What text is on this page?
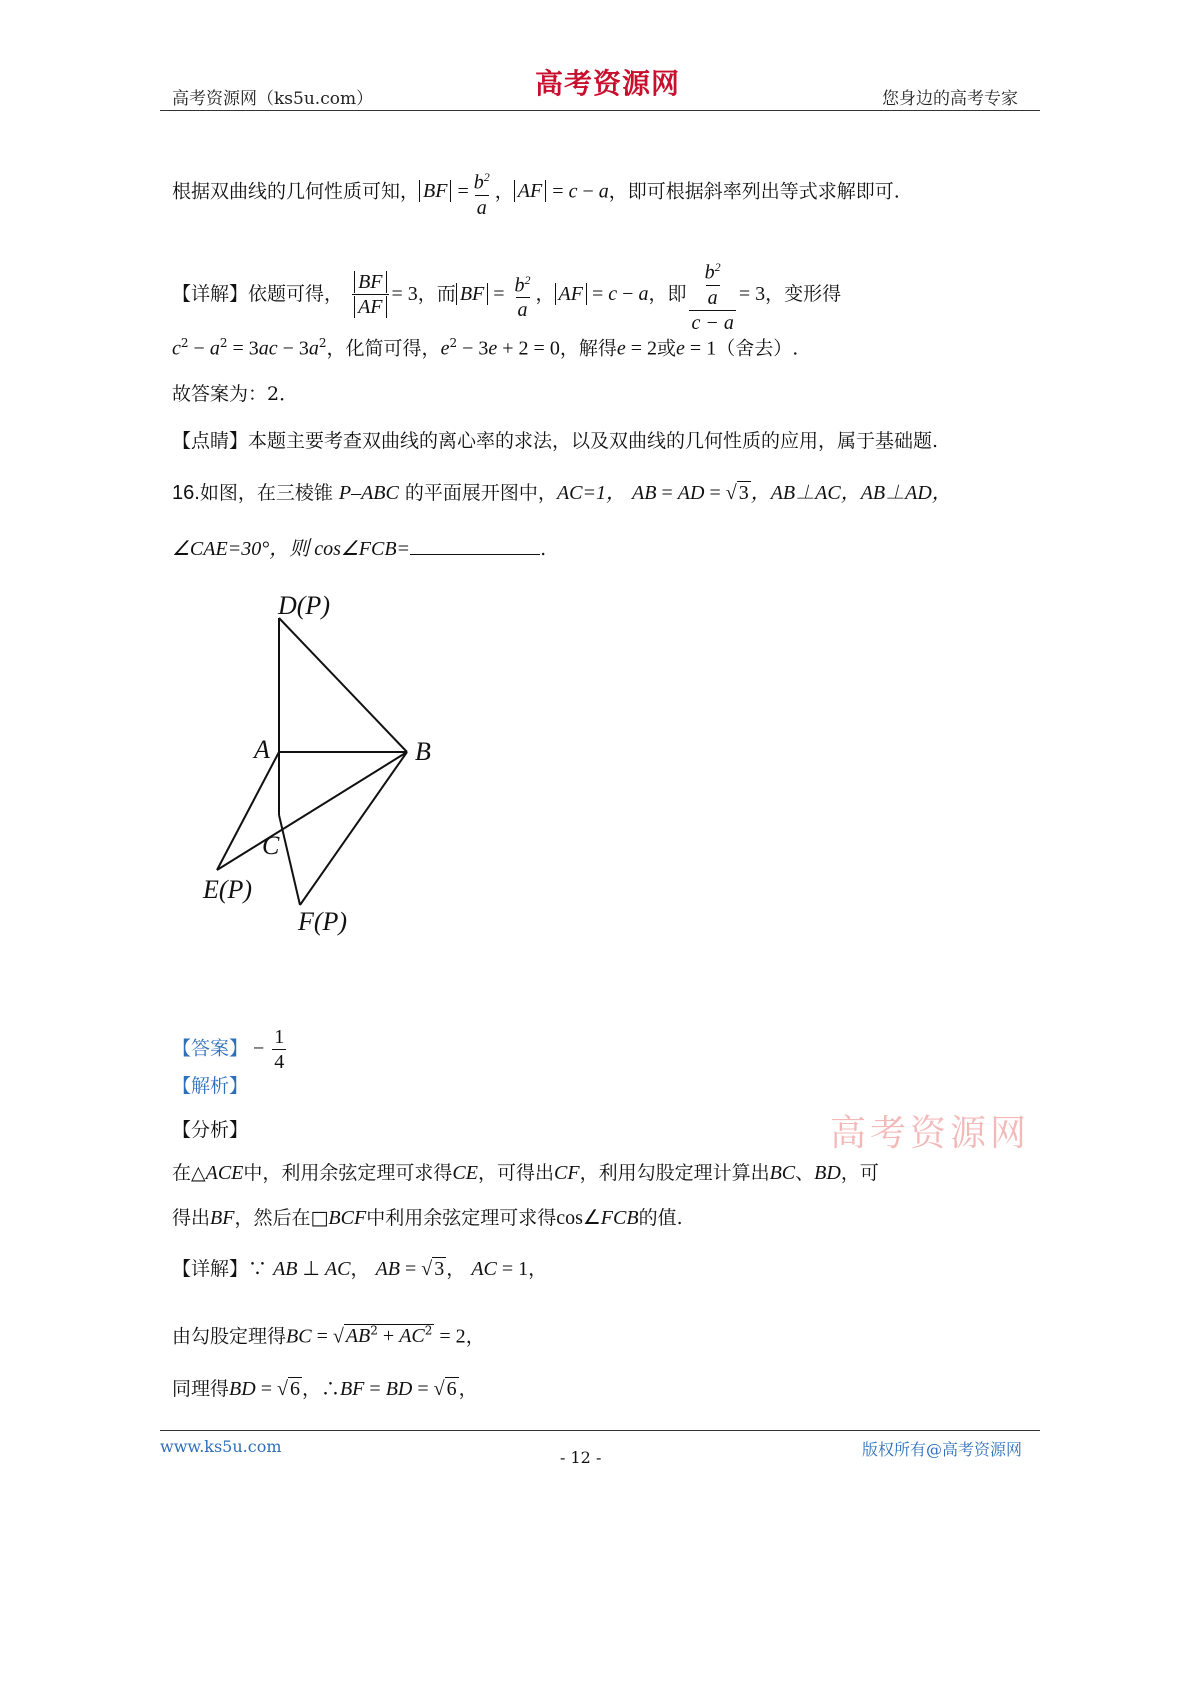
高考资源网（ks5u.com）	高考资源网	您身边的高考专家
根据双曲线的几何性质可知， BF = $\frac{b^2}{a}$ ， AF = c − a，即可根据斜率列出等式求解即可.
【详解】依题可得， $\frac{BF}{AF} = 3$，而 BF = $\frac{b^2}{a}$ ， AF = c − a，即 $\frac{\frac{b^2}{a}}{c - a} = 3$，变形得
$c^2 - a^2 = 3ac - 3a^2$，化简可得，$e^2 - 3e + 2 = 0$，解得e = 2或e = 1（舍去）.
故答案为：2．
【点睛】本题主要考查双曲线的离心率的求法，以及双曲线的几何性质的应用，属于基础题.
16.如图，在三棱锥 P–ABC 的平面展开图中，AC=1， AB = AD = √ 3 ，AB⊥AC，AB⊥AD，
∠CAE=30°，则 cos∠FCB=	.
D(P)
A	B
C
E(P)
F(P)
【答案】 − $\frac{1}{4}$
高考资源网
【解析】
【分析】
在△ACE中，利用余弦定理可求得CE，可得出CF，利用勾股定理计算出BC、BD，可
得出BF，然后在□BCF中利用余弦定理可求得cos∠FCB的值.
【详解】∵ AB ⊥ AC， AB = √ 3 ， AC = 1，
由勾股定理得BC = √ $AB^2 + AC^2 = 2$，
同理得BD = √ 6 ，∴BF = BD = √ 6 ，
www.ks5u.com
- 12 -	版权所有@高考资源网
